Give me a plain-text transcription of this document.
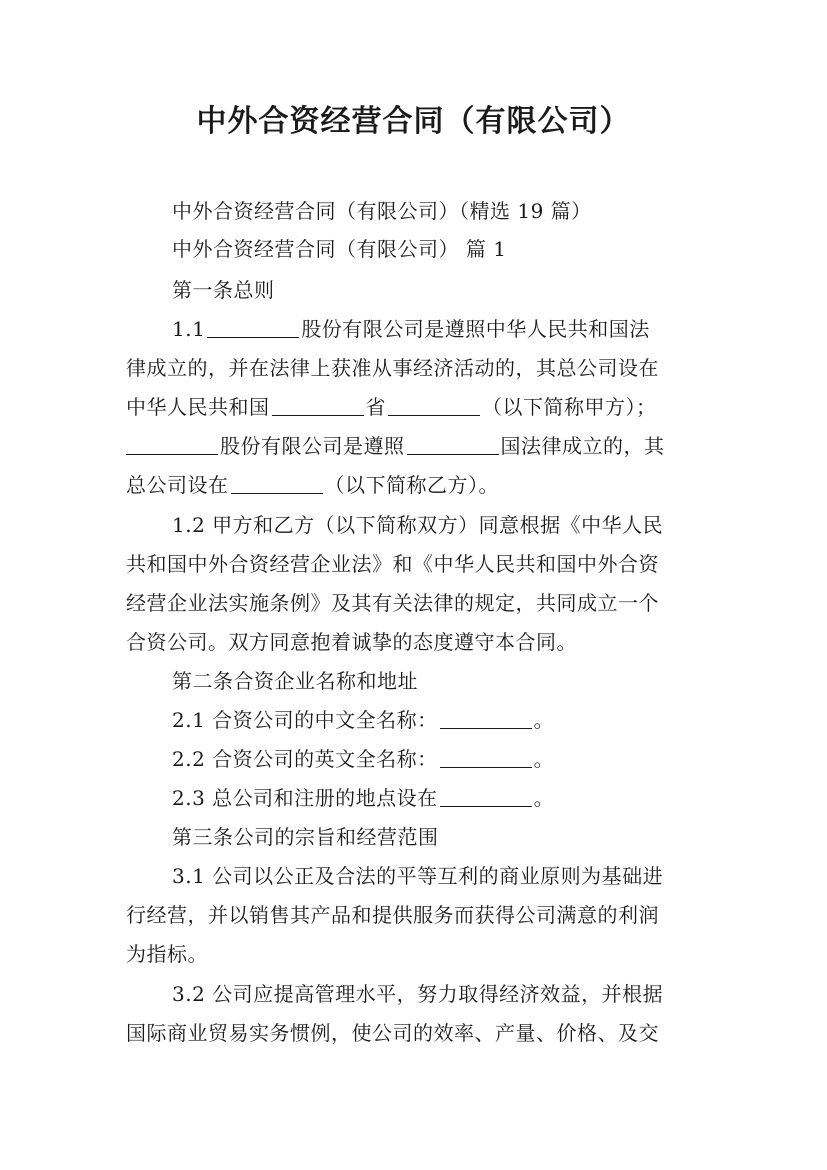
中外合资经营合同（有限公司）
中外合资经营合同（有限公司）（精选 19 篇）
中外合资经营合同（有限公司） 篇 1
第一条总则
1.1	股份有限公司是遵照中华人民共和国法
律成立的，并在法律上获准从事经济活动的，其总公司设在
中华人民共和国	省	（以下简称甲方）；
股份有限公司是遵照	国法律成立的，其
总公司设在	（以下简称乙方）。
1.2 甲方和乙方（以下简称双方）同意根据《中华人民
共和国中外合资经营企业法》和《中华人民共和国中外合资
经营企业法实施条例》及其有关法律的规定，共同成立一个
合资公司。双方同意抱着诚挚的态度遵守本合同。
第二条合资企业名称和地址
2.1 合资公司的中文全名称：	。
2.2 合资公司的英文全名称：	。
2.3 总公司和注册的地点设在	。
第三条公司的宗旨和经营范围
3.1 公司以公正及合法的平等互利的商业原则为基础进
行经营，并以销售其产品和提供服务而获得公司满意的利润
为指标。
3.2 公司应提高管理水平，努力取得经济效益，并根据
国际商业贸易实务惯例，使公司的效率、产量、价格、及交
